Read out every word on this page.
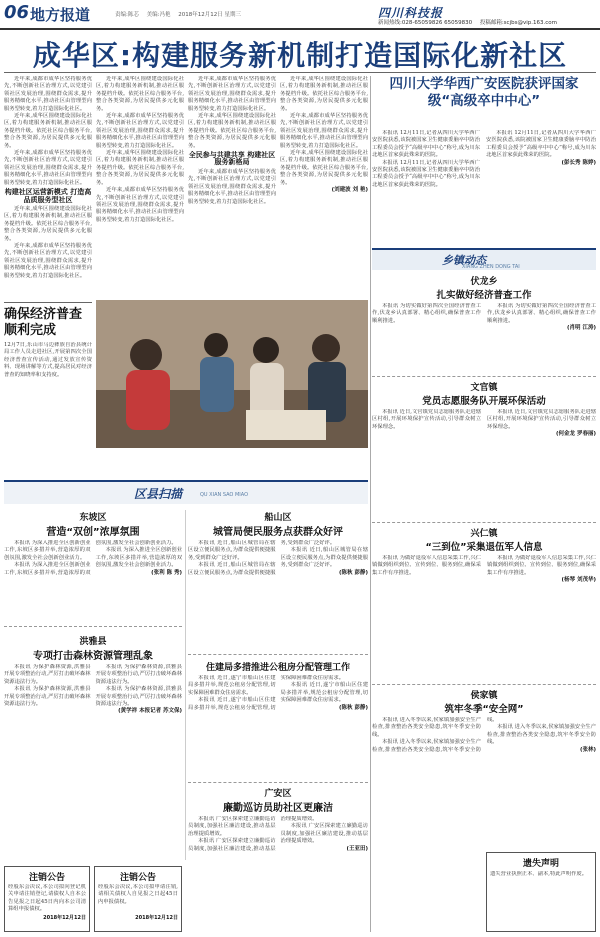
06 地方报道	责编:陈芯 美编:冯艳 2018年12月12日 星期三	四川科技报
新闻热线:028-65059826 65059830 投稿邮箱:scjbs@vip.163.com
成华区:构建服务新机制打造国际化新社区

近年来,成都市成华区坚持服务优先,不断创新社区治理方式,以党建引领社区发展治理,围绕群众需求,提升服务精细化水平,推动社区由管理型向服务型转变,着力打造国际化社区。

近年来,成华区围绕建设国际化社区,着力构建服务新机制,推动社区服务提档升级。依托社区综合服务平台,整合各类资源,为居民提供多元化服务。

近年来,成都市成华区坚持服务优先,不断创新社区治理方式,以党建引领社区发展治理,围绕群众需求,提升服务精细化水平,推动社区由管理型向服务型转变,着力打造国际化社区。

构建社区运营新模式 打造高品质服务型社区

近年来,成华区围绕建设国际化社区,着力构建服务新机制,推动社区服务提档升级。依托社区综合服务平台,整合各类资源,为居民提供多元化服务。

近年来,成都市成华区坚持服务优先,不断创新社区治理方式,以党建引领社区发展治理,围绕群众需求,提升服务精细化水平,推动社区由管理型向服务型转变,着力打造国际化社区。

近年来,成华区围绕建设国际化社区,着力构建服务新机制,推动社区服务提档升级。依托社区综合服务平台,整合各类资源,为居民提供多元化服务。

近年来,成都市成华区坚持服务优先,不断创新社区治理方式,以党建引领社区发展治理,围绕群众需求,提升服务精细化水平,推动社区由管理型向服务型转变,着力打造国际化社区。

近年来,成华区围绕建设国际化社区,着力构建服务新机制,推动社区服务提档升级。依托社区综合服务平台,整合各类资源,为居民提供多元化服务。

近年来,成都市成华区坚持服务优先,不断创新社区治理方式,以党建引领社区发展治理,围绕群众需求,提升服务精细化水平,推动社区由管理型向服务型转变,着力打造国际化社区。

近年来,成都市成华区坚持服务优先,不断创新社区治理方式,以党建引领社区发展治理,围绕群众需求,提升服务精细化水平,推动社区由管理型向服务型转变,着力打造国际化社区。

近年来,成华区围绕建设国际化社区,着力构建服务新机制,推动社区服务提档升级。依托社区综合服务平台,整合各类资源,为居民提供多元化服务。

全民参与共建共享 构建社区服务新格局

近年来,成都市成华区坚持服务优先,不断创新社区治理方式,以党建引领社区发展治理,围绕群众需求,提升服务精细化水平,推动社区由管理型向服务型转变,着力打造国际化社区。

近年来,成华区围绕建设国际化社区,着力构建服务新机制,推动社区服务提档升级。依托社区综合服务平台,整合各类资源,为居民提供多元化服务。

近年来,成都市成华区坚持服务优先,不断创新社区治理方式,以党建引领社区发展治理,围绕群众需求,提升服务精细化水平,推动社区由管理型向服务型转变,着力打造国际化社区。

近年来,成华区围绕建设国际化社区,着力构建服务新机制,推动社区服务提档升级。依托社区综合服务平台,整合各类资源,为居民提供多元化服务。

(刘建波 刘 艳)
确保经济普查顺利完成
12月7日,乐山市马边彝族自治县统计局工作人员走进社区,开展第四次全国经济普查宣传活动,通过发放宣传资料、现场讲解等方式,提高居民对经济普查的知晓率和支持度。
四川大学华西广安医院获评国家级“高级卒中中心”

本报讯 12月11日,记者从四川大学华西广安医院获悉,该院被国家卫生健康委脑卒中防治工程委员会授予“高级卒中中心”称号,成为川东北地区首家获此殊荣的医院。

本报讯 12月11日,记者从四川大学华西广安医院获悉,该院被国家卫生健康委脑卒中防治工程委员会授予“高级卒中中心”称号,成为川东北地区首家获此殊荣的医院。

本报讯 12月11日,记者从四川大学华西广安医院获悉,该院被国家卫生健康委脑卒中防治工程委员会授予“高级卒中中心”称号,成为川东北地区首家获此殊荣的医院。

(彭长秀 陈婷)
乡镇动态
XIANG ZHEN DONG TAI
伏龙乡
扎实做好经济普查工作

本报讯 为切实做好第四次全国经济普查工作,伏龙乡认真部署、精心组织,确保普查工作顺利推进。

本报讯 为切实做好第四次全国经济普查工作,伏龙乡认真部署、精心组织,确保普查工作顺利推进。

(肖明 江涛)
文官镇
党员志愿服务队开展环保活动

本报讯 近日,文官镇党员志愿服务队走进辖区村组,开展环境保护宣传活动,引导群众树立环保理念。

本报讯 近日,文官镇党员志愿服务队走进辖区村组,开展环境保护宣传活动,引导群众树立环保理念。

(何金龙 罗春丽)
兴仁镇
“三到位”采集退伍军人信息

本报讯 为做好退役军人信息采集工作,兴仁镇做到组织到位、宣传到位、服务到位,确保采集工作有序推进。

本报讯 为做好退役军人信息采集工作,兴仁镇做到组织到位、宣传到位、服务到位,确保采集工作有序推进。

(杨琴 刘茂华)
侯家镇
筑牢冬季“安全网”

本报讯 进入冬季以来,侯家镇加强安全生产检查,排查整治各类安全隐患,筑牢冬季安全防线。

本报讯 进入冬季以来,侯家镇加强安全生产检查,排查整治各类安全隐患,筑牢冬季安全防线。

本报讯 进入冬季以来,侯家镇加强安全生产检查,排查整治各类安全隐患,筑牢冬季安全防线。

(张林)
遗失声明
遗失营业执照正本、副本,特此声明作废。
区县扫描	QU XIAN SAO MIAO
东坡区
营造“双创”浓厚氛围

本报讯 为深入推进全区创新创业工作,东坡区多措并举,营造浓厚的双创氛围,激发全社会创新创业活力。

本报讯 为深入推进全区创新创业工作,东坡区多措并举,营造浓厚的双创氛围,激发全社会创新创业活力。

本报讯 为深入推进全区创新创业工作,东坡区多措并举,营造浓厚的双创氛围,激发全社会创新创业活力。

(张利 陈 秀)
洪雅县
专项打击森林资源管理乱象

本报讯 为保护森林资源,洪雅县开展专项整治行动,严厉打击破坏森林资源违法行为。

本报讯 为保护森林资源,洪雅县开展专项整治行动,严厉打击破坏森林资源违法行为。

本报讯 为保护森林资源,洪雅县开展专项整治行动,严厉打击破坏森林资源违法行为。

本报讯 为保护森林资源,洪雅县开展专项整治行动,严厉打击破坏森林资源违法行为。

(黄学祥 本报记者 苏文保)
船山区
城管局便民服务点获群众好评

本报讯 近日,船山区城管局在辖区设立便民服务点,为群众提供便捷服务,受到群众广泛好评。

本报讯 近日,船山区城管局在辖区设立便民服务点,为群众提供便捷服务,受到群众广泛好评。

本报讯 近日,船山区城管局在辖区设立便民服务点,为群众提供便捷服务,受到群众广泛好评。

(陈秋 彭静)
住建局多措推进公租房分配管理工作

本报讯 近日,遂宁市船山区住建局多措并举,规范公租房分配管理,切实保障困难群众住房需求。

本报讯 近日,遂宁市船山区住建局多措并举,规范公租房分配管理,切实保障困难群众住房需求。

本报讯 近日,遂宁市船山区住建局多措并举,规范公租房分配管理,切实保障困难群众住房需求。

(陈秋 彭静)
广安区
廉勤巡访员助社区更廉洁

本报讯 广安区探索建立廉勤巡访员制度,加强社区廉洁建设,推动基层治理提质增效。

本报讯 广安区探索建立廉勤巡访员制度,加强社区廉洁建设,推动基层治理提质增效。

本报讯 广安区探索建立廉勤巡访员制度,加强社区廉洁建设,推动基层治理提质增效。

(王亚田)
注销公告
经股东会决议,本公司拟向登记机关申请注销登记,请债权人自本公告见报之日起45日内向本公司清算组申报债权。
2018年12月12日
注销公告
经股东会决议,本公司拟申请注销,请相关债权人自见报之日起45日内申报债权。
2018年12月12日
